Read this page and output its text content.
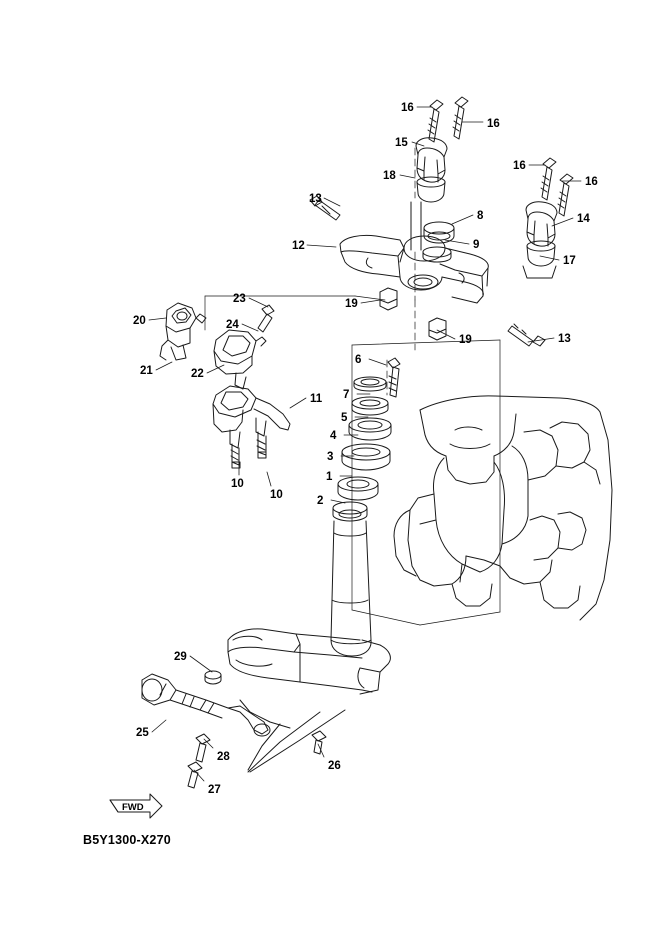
16
16
15
16
16
18
14
13
8
9
12
17
23	19
20	24
19	13
21	22
6
7
5
11
4
3
1
2
10
10
29
25
28
26
27
FWD
B5Y1300-X270
